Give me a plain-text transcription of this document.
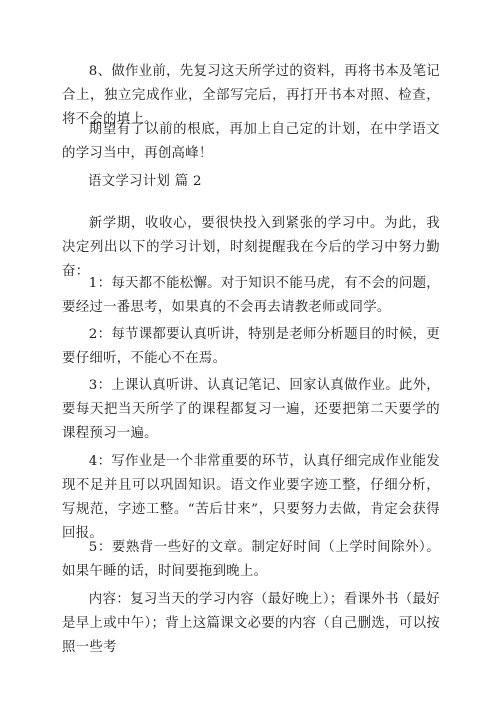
8、做作业前，先复习这天所学过的资料，再将书本及笔记合上，独立完成作业，全部写完后，再打开书本对照、检查，将不会的填上。

期望有了以前的根底，再加上自己定的计划，在中学语文的学习当中，再创高峰！

语文学习计划 篇 2

新学期，收收心，要很快投入到紧张的学习中。为此，我决定列出以下的学习计划，时刻提醒我在今后的学习中努力勤奋：

1：每天都不能松懈。对于知识不能马虎，有不会的问题，要经过一番思考，如果真的不会再去请教老师或同学。

2：每节课都要认真听讲，特别是老师分析题目的时候，更要仔细听，不能心不在焉。

3：上课认真听讲、认真记笔记、回家认真做作业。此外，要每天把当天所学了的课程都复习一遍，还要把第二天要学的课程预习一遍。

4：写作业是一个非常重要的环节，认真仔细完成作业能发现不足并且可以巩固知识。语文作业要字迹工整，仔细分析，写规范，字迹工整。“苦后甘来”，只要努力去做，肯定会获得回报。

5：要熟背一些好的文章。制定好时间（上学时间除外）。如果午睡的话，时间要拖到晚上。

内容：复习当天的学习内容（最好晚上）；看课外书（最好是早上或中午）；背上这篇课文必要的内容（自己删选，可以按照一些考
